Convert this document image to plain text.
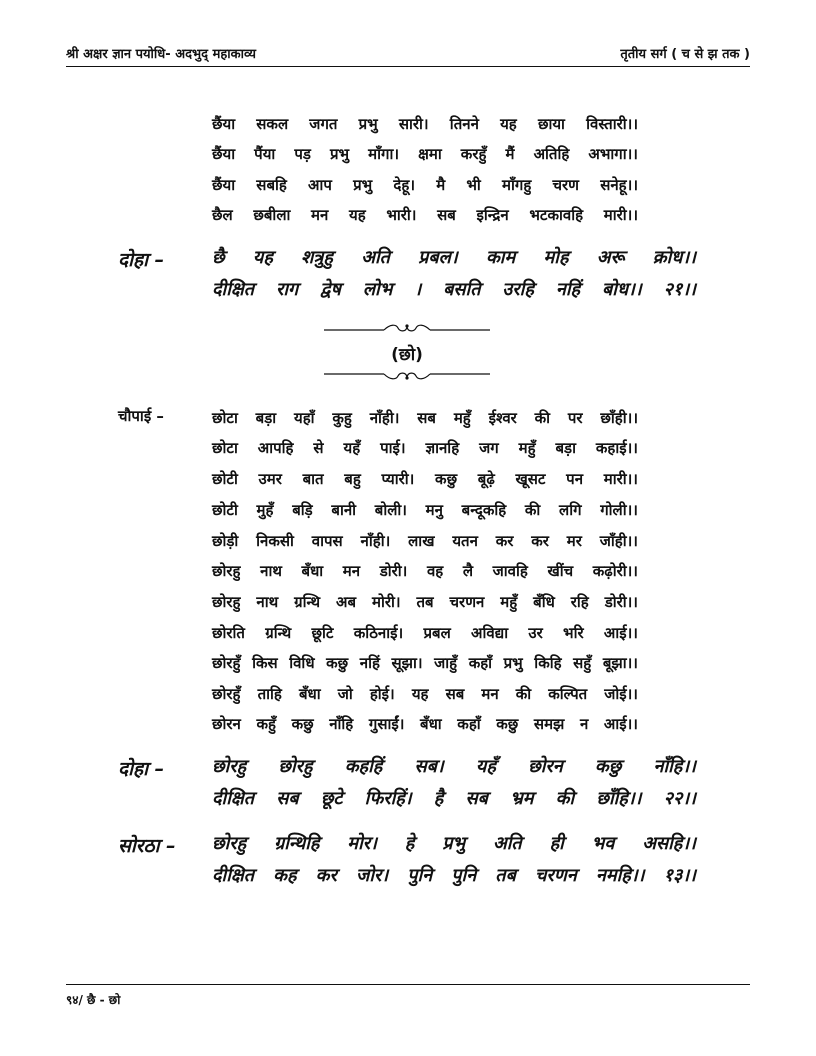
श्री अक्षर ज्ञान पयोधि- अदभुद् महाकाव्य	तृतीय सर्ग ( च से झ तक )
छैंया सकल जगत प्रभु सारी। तिनने यह छाया विस्तारी।।
छैंया पैंया पड़ प्रभु माँगा। क्षमा करहुँ मैं अतिहि अभागा।।
छैंया सबहि आप प्रभु देहू। मै भी माँगहु चरण सनेहू।।
छैल छबीला मन यह भारी। सब इन्द्रिन भटकावहि मारी।।
दोहा –	छै यह शत्रुहु अति प्रबल। काम मोह अरू क्रोध।।
दीक्षित राग द्वेष लोभ । बसति उरहि नहिं बोध।। २१।।
(छो)
चौपाई –	छोटा बड़ा यहाँ कुहु नाँही। सब महुँ ईश्वर की पर छाँही।।
छोटा आपहि से यहँ पाई। ज्ञानहि जग महुँ बड़ा कहाई।।
छोटी उमर बात बहु प्यारी। कछु बूढ़े खूसट पन मारी।।
छोटी मुहँ बड़ि बानी बोली। मनु बन्दूकहि की लगि गोली।।
छोड़ी निकसी वापस नाँही। लाख यतन कर कर मर जाँही।।
छोरहु नाथ बँधा मन डोरी। वह लै जावहि खींच कढ़ोरी।।
छोरहु नाथ ग्रन्थि अब मोरी। तब चरणन महुँ बँधि रहि डोरी।।
छोरति ग्रन्थि छूटि कठिनाई। प्रबल अविद्या उर भरि आई।।
छोरहुँ किस विधि कछु नहिं सूझा। जाहुँ कहाँ प्रभु किहि सहुँ बूझा।।
छोरहुँ ताहि बँधा जो होई। यह सब मन की कल्पित जोई।।
छोरन कहुँ कछु नाँहि गुसाईं। बँधा कहाँ कछु समझ न आई।।
दोहा –	छोरहु छोरहु कहहिं सब। यहँ छोरन कछु नाँहि।।
दीक्षित सब छूटे फिरहिं। है सब भ्रम की छाँहि।। २२।।
सोरठा – छोरहु ग्रन्थिहि मोर। हे प्रभु अति ही भव असहि।।
दीक्षित कह कर जोर। पुनि पुनि तब चरणन नमहि।। १३।।
९४/ छै - छो
